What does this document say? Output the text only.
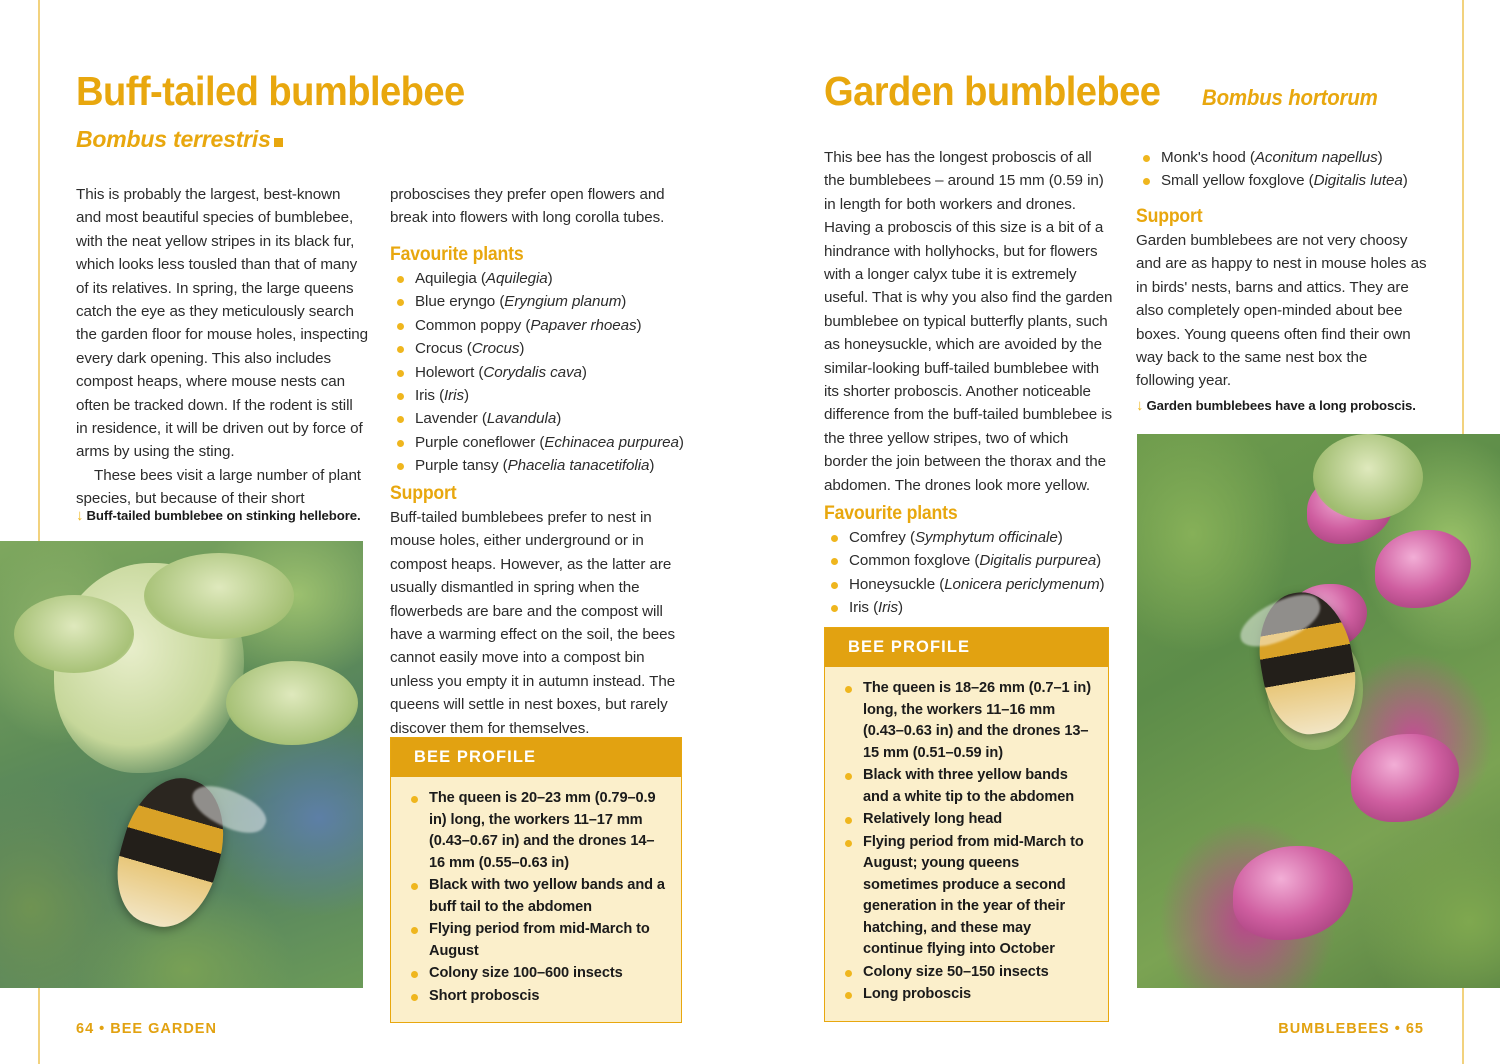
Buff-tailed bumblebee
Bombus terrestris

This is probably the largest, best-known and most beautiful species of bumblebee, with the neat yellow stripes in its black fur, which looks less tousled than that of many of its relatives. In spring, the large queens catch the eye as they meticulously search the garden floor for mouse holes, inspecting every dark opening. This also includes compost heaps, where mouse nests can often be tracked down. If the rodent is still in residence, it will be driven out by force of arms by using the sting.

These bees visit a large number of plant species, but because of their short

↓ Buff-tailed bumblebee on stinking hellebore.

proboscises they prefer open flowers and break into flowers with long corolla tubes.

Favourite plants
Aquilegia (Aquilegia)
Blue eryngo (Eryngium planum)
Common poppy (Papaver rhoeas)
Crocus (Crocus)
Holewort (Corydalis cava)
Iris (Iris)
Lavender (Lavandula)
Purple coneflower (Echinacea purpurea)
Purple tansy (Phacelia tanacetifolia)
Support
Buff-tailed bumblebees prefer to nest in mouse holes, either underground or in compost heaps. However, as the latter are usually dismantled in spring when the flowerbeds are bare and the compost will have a warming effect on the soil, the bees cannot easily move into a compost bin unless you empty it in autumn instead. The queens will settle in nest boxes, but rarely discover them for themselves.
BEE PROFILE
The queen is 20–23 mm (0.79–0.9 in) long, the workers 11–17 mm (0.43–0.67 in) and the drones 14–16 mm (0.55–0.63 in)
Black with two yellow bands and a buff tail to the abdomen
Flying period from mid-March to August
Colony size 100–600 insects
Short proboscis
64 • BEE GARDEN
Garden bumblebee Bombus hortorum

This bee has the longest proboscis of all the bumblebees – around 15 mm (0.59 in) in length for both workers and drones. Having a proboscis of this size is a bit of a hindrance with hollyhocks, but for flowers with a longer calyx tube it is extremely useful. That is why you also find the garden bumblebee on typical butterfly plants, such as honeysuckle, which are avoided by the similar-looking buff-tailed bumblebee with its shorter proboscis. Another noticeable difference from the buff-tailed bumblebee is the three yellow stripes, two of which border the join between the thorax and the abdomen. The drones look more yellow.

Favourite plants
Comfrey (Symphytum officinale)
Common foxglove (Digitalis purpurea)
Honeysuckle (Lonicera periclymenum)
Iris (Iris)
BEE PROFILE
The queen is 18–26 mm (0.7–1 in) long, the workers 11–16 mm (0.43–0.63 in) and the drones 13–15 mm (0.51–0.59 in)
Black with three yellow bands and a white tip to the abdomen
Relatively long head
Flying period from mid-March to August; young queens sometimes produce a second generation in the year of their hatching, and these may continue flying into October
Colony size 50–150 insects
Long proboscis
Monk's hood (Aconitum napellus)
Small yellow foxglove (Digitalis lutea)
Support
Garden bumblebees are not very choosy and are as happy to nest in mouse holes as in birds' nests, barns and attics. They are also completely open-minded about bee boxes. Young queens often find their own way back to the same nest box the following year.
↓ Garden bumblebees have a long proboscis.
BUMBLEBEES • 65
